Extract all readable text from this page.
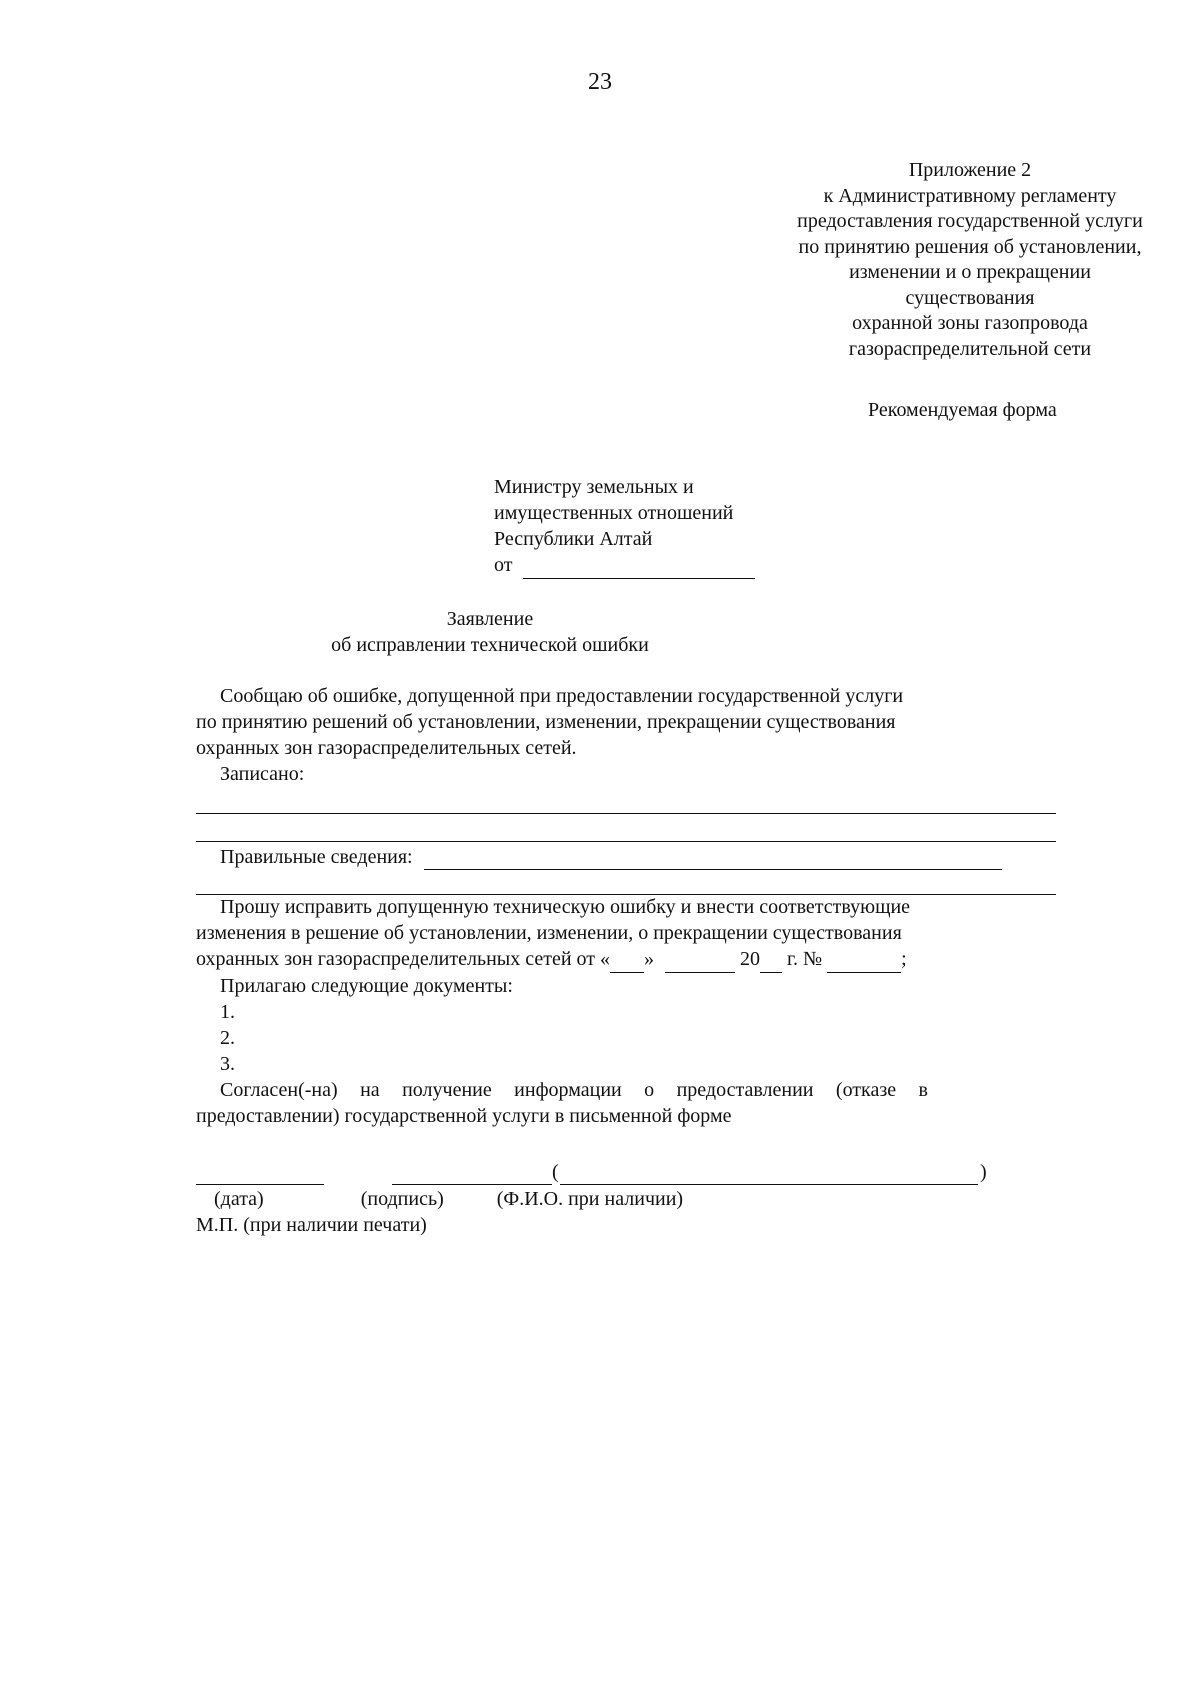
23
Приложение 2
к Административному регламенту
предоставления государственной услуги
по принятию решения об установлении,
изменении и о прекращении
существования
охранной зоны газопровода
газораспределительной сети
Рекомендуемая форма
Министру земельных и
имущественных отношений
Республики Алтай
от
Заявление
об исправлении технической ошибки
Сообщаю об ошибке, допущенной при предоставлении государственной услуги
по принятию решений об установлении, изменении, прекращении существования
охранных зон газораспределительных сетей.
Записано:
Правильные сведения:
Прошу исправить допущенную техническую ошибку и внести соответствующие
изменения в решение об установлении, изменении, о прекращении существования
охранных зон газораспределительных сетей от « »	20 г. №	;
Прилагаю следующие документы:
1.
2.
3.
Согласен(-на) на получение информации о предоставлении (отказе в
предоставлении) государственной услуги в письменной форме
(	)
(дата)	(подпись)	(Ф.И.О. при наличии)
М.П. (при наличии печати)
